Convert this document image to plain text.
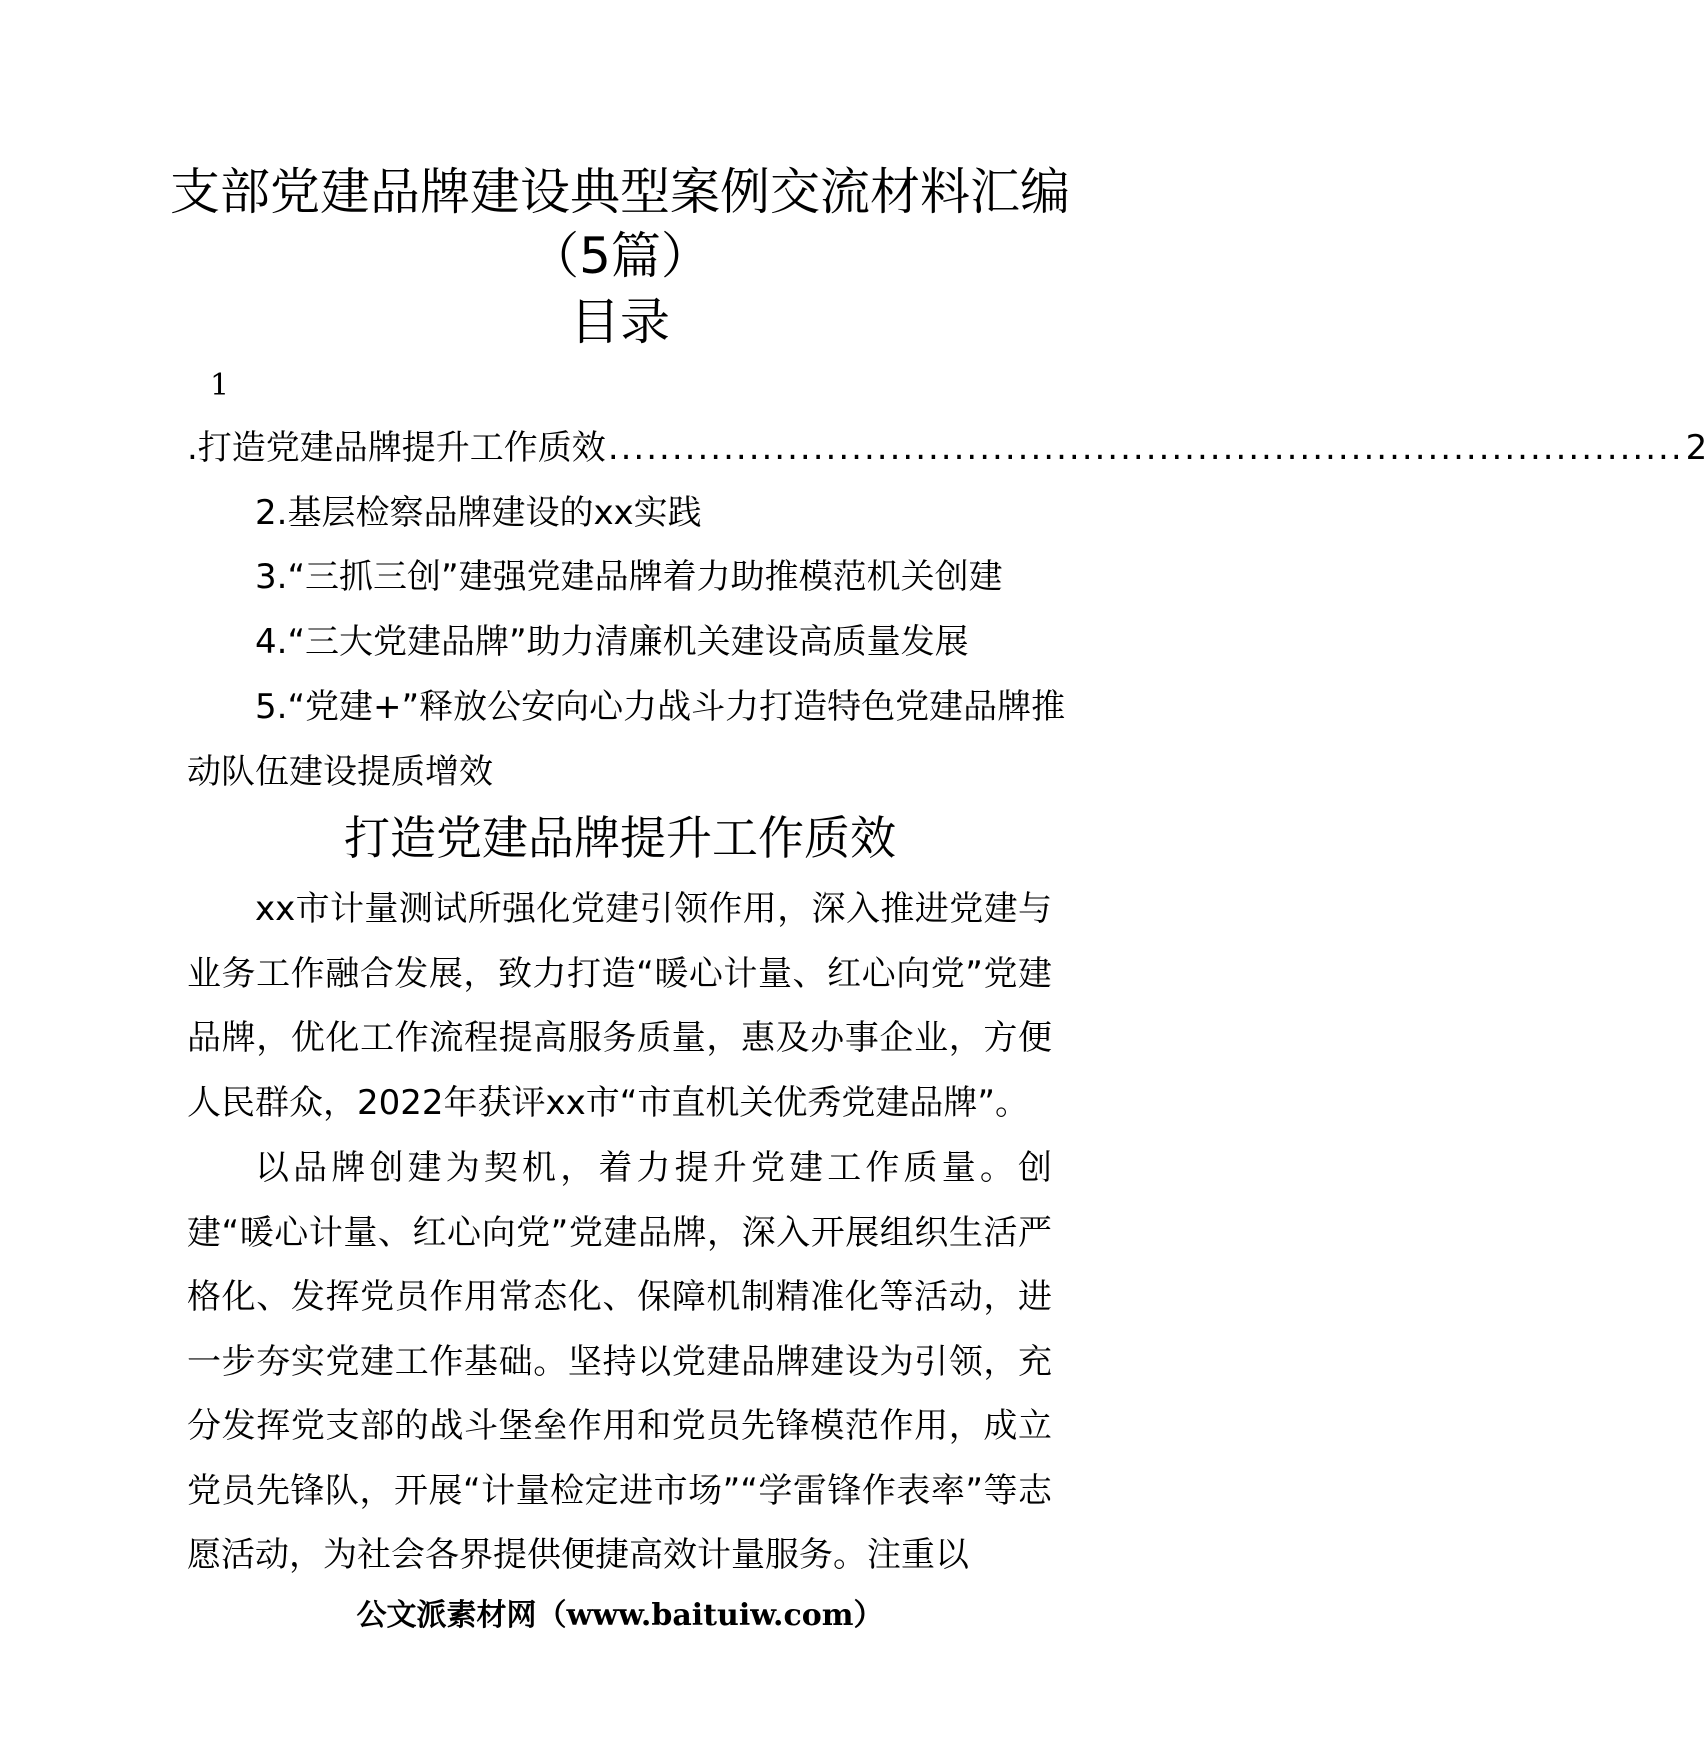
支部党建品牌建设典型案例交流材料汇编
（5篇）
目录
1
.打造党建品牌提升工作质效 .................................................................................... 2
2.基层检察品牌建设的xx实践
3.“三抓三创”建强党建品牌着力助推模范机关创建
4.“三大党建品牌”助力清廉机关建设高质量发展
5.“党建+”释放公安向心力战斗力打造特色党建品牌推
动队伍建设提质增效
打造党建品牌提升工作质效
xx市计量测试所强化党建引领作用，深入推进党建与业务工作融合发展，致力打造“暖心计量、红心向党”党建品牌，优化工作流程提高服务质量，惠及办事企业，方便人民群众，2022年获评xx市“市直机关优秀党建品牌”。
以品牌创建为契机，着力提升党建工作质量。创建“暖心计量、红心向党”党建品牌，深入开展组织生活严格化、发挥党员作用常态化、保障机制精准化等活动，进一步夯实党建工作基础。坚持以党建品牌建设为引领，充分发挥党支部的战斗堡垒作用和党员先锋模范作用，成立党员先锋队，开展“计量检定进市场”“学雷锋作表率”等志愿活动，为社会各界提供便捷高效计量服务。注重以
公文派素材网（www.baituiw.com）
